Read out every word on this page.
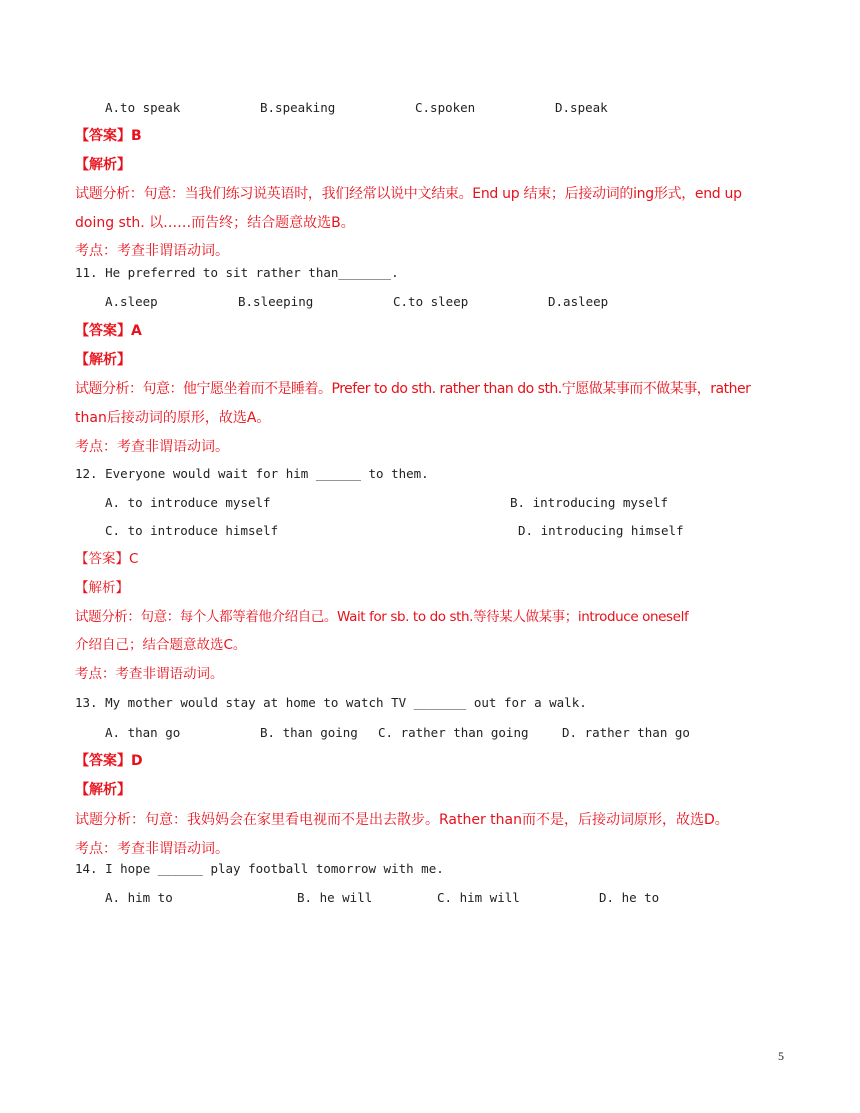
A.to speak	B.speaking	C.spoken	D.speak
【答案】B
【解析】
试题分析：句意：当我们练习说英语时，我们经常以说中文结束。End up 结束；后接动词的ing形式，end up
doing sth. 以……而告终；结合题意故选B。
考点：考查非谓语动词。
11. He preferred to sit rather than_______.
A.sleep	B.sleeping	C.to sleep	D.asleep
【答案】A
【解析】
试题分析：句意：他宁愿坐着而不是睡着。Prefer to do sth. rather than do sth.宁愿做某事而不做某事，rather
than后接动词的原形，故选A。
考点：考查非谓语动词。
12. Everyone would wait for him ______ to them.
A. to introduce myself	B. introducing myself
C. to introduce himself	D. introducing himself
【答案】C
【解析】
试题分析：句意：每个人都等着他介绍自己。Wait for sb. to do sth.等待某人做某事；introduce oneself
介绍自己；结合题意故选C。
考点：考查非谓语动词。
13. My mother would stay at home to watch TV _______ out for a walk.
A. than go	B. than going C. rather than going	D. rather than go
【答案】D
【解析】
试题分析：句意：我妈妈会在家里看电视而不是出去散步。Rather than而不是，后接动词原形，故选D。
考点：考查非谓语动词。
14. I hope ______ play football tomorrow with me.
A. him to	B. he will	C. him will	D. he to
5
